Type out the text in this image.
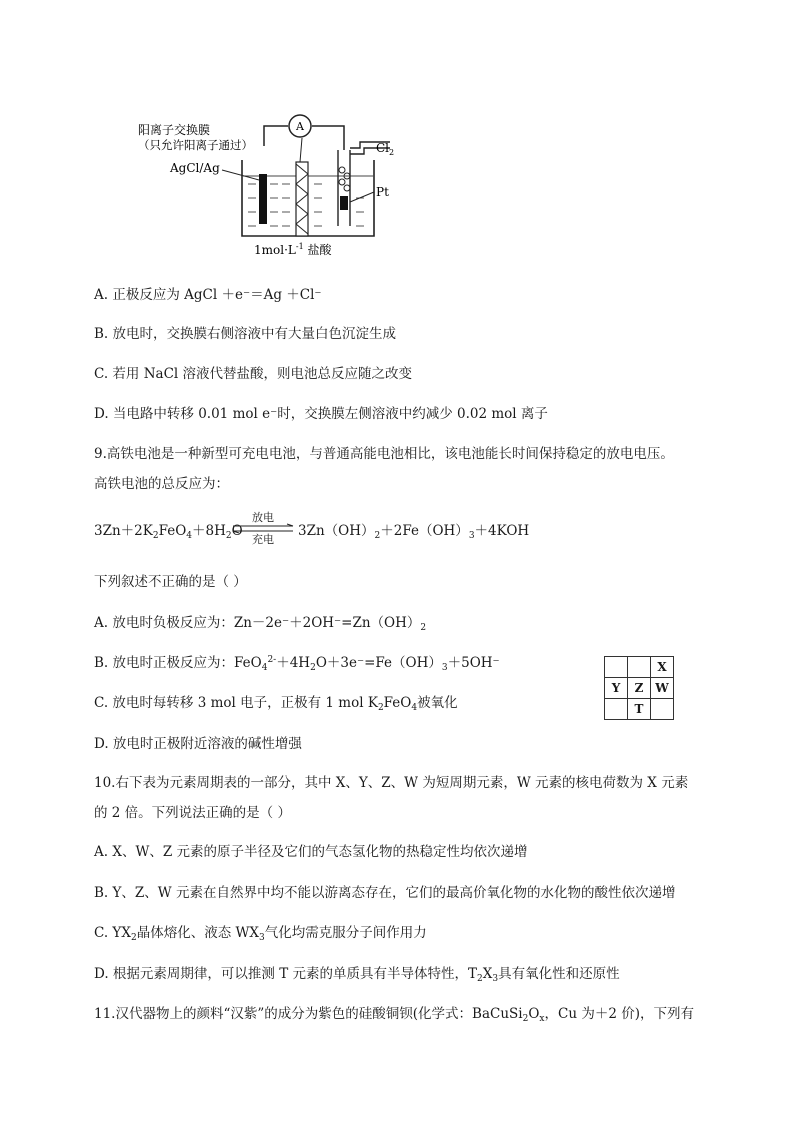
A
阳离子交换膜
（只允许阳离子通过）
AgCl/Ag
$Cl_2$
Pt
$1mol\cdot L^{-1}$ 盐酸
A. 正极反应为 AgCl ＋e⁻＝Ag ＋Cl⁻
B. 放电时，交换膜右侧溶液中有大量白色沉淀生成
C. 若用 NaCl 溶液代替盐酸，则电池总反应随之改变
D. 当电路中转移 0.01 mol e⁻时，交换膜左侧溶液中约减少 0.02 mol 离子
9.高铁电池是一种新型可充电电池，与普通高能电池相比，该电池能长时间保持稳定的放电电压。
高铁电池的总反应为：
$3Zn+2K_2FeO_4+8H_2O$
放电
充电
$3Zn(OH)_2+2Fe(OH)_3+4KOH$
下列叙述不正确的是（ ）
A. 放电时负极反应为：$Zn-2e^-+2OH^-=Zn(OH)_2$
B. 放电时正极反应为：$FeO_4^{2-}+4H_2O+3e^-=Fe(OH)_3+5OH^-$
C. 放电时每转移 3 mol 电子，正极有 1 mol $K_2FeO_4$被氧化
D. 放电时正极附近溶液的碱性增强
		X
Y	Z	W
	T	
10.右下表为元素周期表的一部分，其中 X、Y、Z、W 为短周期元素，W 元素的核电荷数为 X 元素
的 2 倍。下列说法正确的是（ ）
A. X、W、Z 元素的原子半径及它们的气态氢化物的热稳定性均依次递增
B. Y、Z、W 元素在自然界中均不能以游离态存在，它们的最高价氧化物的水化物的酸性依次递增
C. $YX_2$晶体熔化、液态 $WX_3$气化均需克服分子间作用力
D. 根据元素周期律，可以推测 T 元素的单质具有半导体特性，$T_2X_3$具有氧化性和还原性
11.汉代器物上的颜料“汉紫”的成分为紫色的硅酸铜钡(化学式：$BaCuSi_2O_x$，Cu 为＋2 价)，下列有
